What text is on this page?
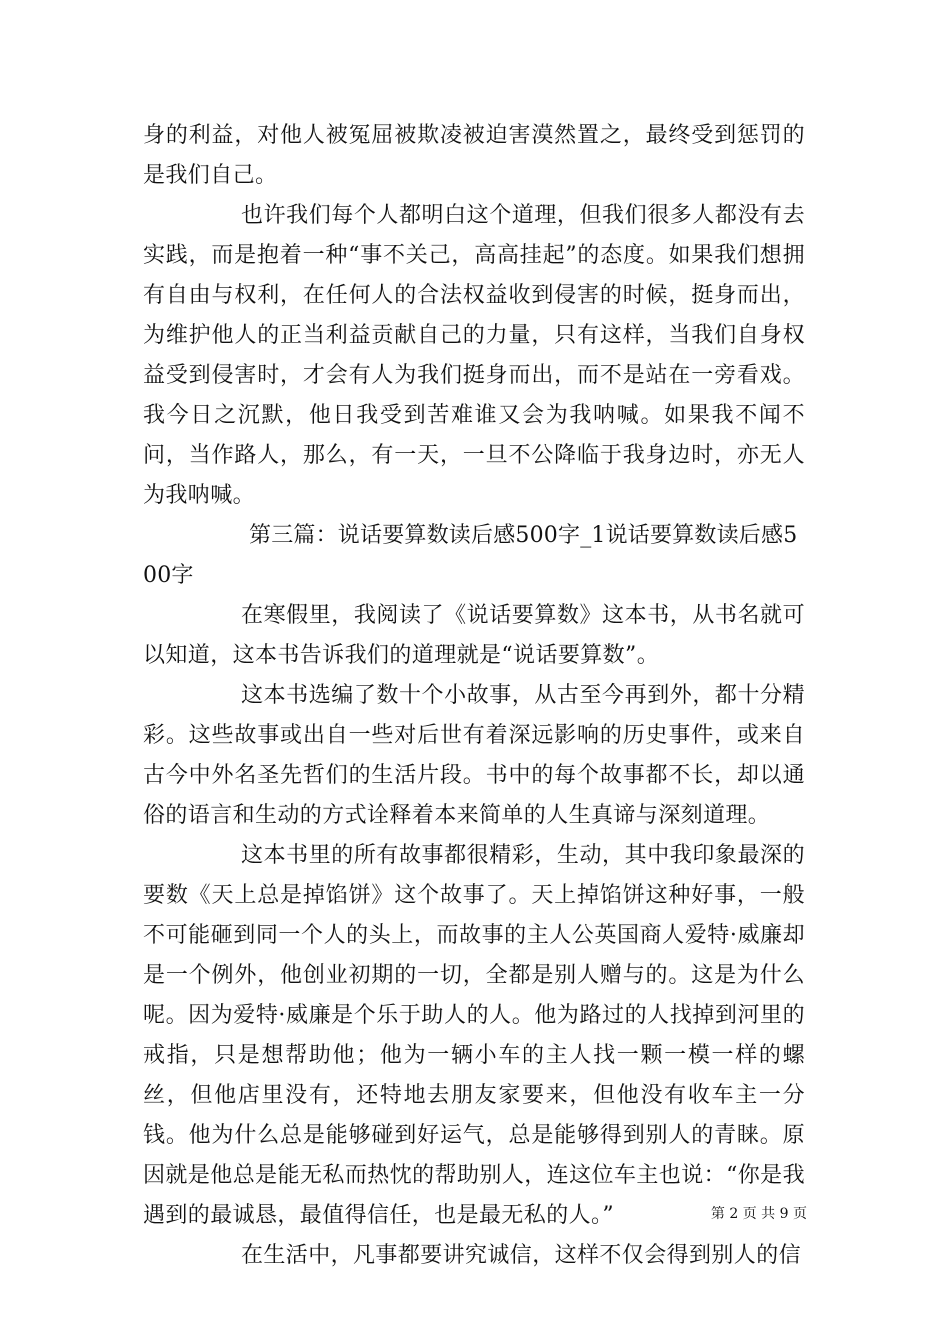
身的利益，对他人被冤屈被欺凌被迫害漠然置之，最终受到惩罚的是我们自己。

也许我们每个人都明白这个道理，但我们很多人都没有去实践，而是抱着一种“事不关己，高高挂起”的态度。如果我们想拥有自由与权利，在任何人的合法权益收到侵害的时候，挺身而出，为维护他人的正当利益贡献自己的力量，只有这样，当我们自身权益受到侵害时，才会有人为我们挺身而出，而不是站在一旁看戏。我今日之沉默，他日我受到苦难谁又会为我呐喊。如果我不闻不问，当作路人，那么，有一天，一旦不公降临于我身边时，亦无人为我呐喊。

第三篇：说话要算数读后感500字_1说话要算数读后感500字

在寒假里，我阅读了《说话要算数》这本书，从书名就可以知道，这本书告诉我们的道理就是“说话要算数”。

这本书选编了数十个小故事，从古至今再到外，都十分精彩。这些故事或出自一些对后世有着深远影响的历史事件，或来自古今中外名圣先哲们的生活片段。书中的每个故事都不长，却以通俗的语言和生动的方式诠释着本来简单的人生真谛与深刻道理。

这本书里的所有故事都很精彩，生动，其中我印象最深的要数《天上总是掉馅饼》这个故事了。天上掉馅饼这种好事，一般不可能砸到同一个人的头上，而故事的主人公英国商人爱特·威廉却是一个例外，他创业初期的一切，全都是别人赠与的。这是为什么呢。因为爱特·威廉是个乐于助人的人。他为路过的人找掉到河里的戒指，只是想帮助他；他为一辆小车的主人找一颗一模一样的螺丝，但他店里没有，还特地去朋友家要来，但他没有收车主一分钱。他为什么总是能够碰到好运气，总是能够得到别人的青睐。原因就是他总是能无私而热忱的帮助别人，连这位车主也说：“你是我遇到的最诚恳，最值得信任，也是最无私的人。”

在生活中，凡事都要讲究诚信，这样不仅会得到别人的信

第 2 页 共 9 页
